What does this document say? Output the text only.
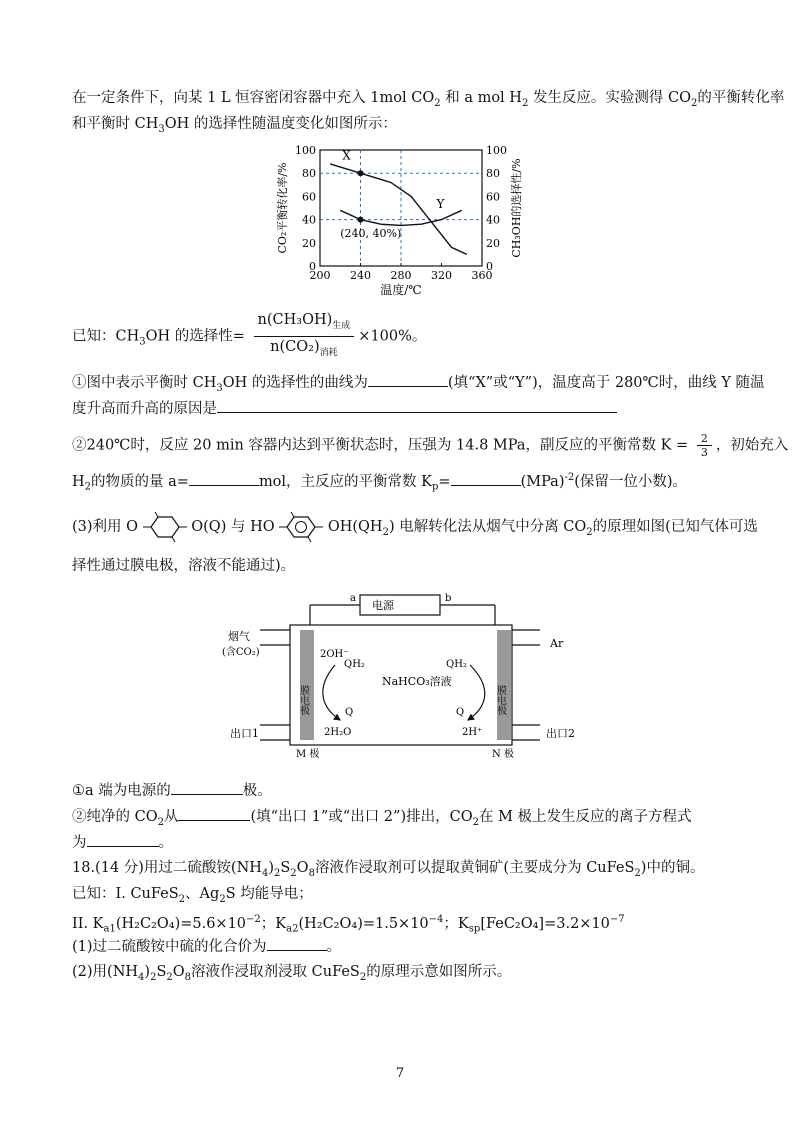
在一定条件下，向某 1 L 恒容密闭容器中充入 1mol $CO_2$ 和 a mol $H_2$ 发生反应。实验测得 $CO_2$的平衡转化率
和平衡时 $CH_3OH$ 的选择性随温度变化如图所示：
200 240 280 320 360
0	0
20	20
40	40
60	60
80	80
100	100
温度/℃
CO₂平衡转化率/%	CH₃OH的选择性/%
X
Y
(240, 40%)
已知：$CH_3OH$ 的选择性= $\frac{n(CH_3OH)_{生成}}{n(CO_2)_{消耗}} \times 100\%$。
①图中表示平衡时 $CH_3OH$ 的选择性的曲线为	(填“X”或“Y”)，温度高于 280℃时，曲线 Y 随温
度升高而升高的原因是
②240℃时，反应 20 min 容器内达到平衡状态时，压强为 14.8 MPa，副反应的平衡常数 $K = \frac{2}{3}$ ，初始充入
$H_2$的物质的量 a=	mol，主反应的平衡常数 $K_p=$	(MPa)$^{-2}$(保留一位小数)。
(3)利用 O	O(Q) 与 HO	$OH(QH_2)$ 电解转化法从烟气中分离 $CO_2$的原理如图(已知气体可选
择性通过膜电极，溶液不能通过)。
电源
a	b
烟气
(含CO₂)
Ar
NaHCO₃溶液
2OH⁻
QH₂
Q
2H₂O
QH₂
Q
2H⁺
出口1	出口2
M 极	N 极
膜电极	膜电极
①a 端为电源的	极。
②纯净的 $CO_2$从	(填“出口 1”或“出口 2”)排出，$CO_2$在 M 极上发生反应的离子方程式
为	。
18.(14 分)用过二硫酸铵$(NH_4)_2S_2O_8$溶液作浸取剂可以提取黄铜矿(主要成分为 CuFeS$_2$)中的铜。
已知：I. CuFeS$_2$、$Ag_2S$ 均能导电；
II. $K_{a1}(H_2C_2O_4)=5.6\times 10^{-2}$；$K_{a2}(H_2C_2O_4)=1.5\times 10^{-4}$；$K_{sp}[FeC_2O_4]=3.2\times 10^{-7}$
(1)过二硫酸铵中硫的化合价为	。
(2)用$(NH_4)_2S_2O_8$溶液作浸取剂浸取 CuFeS$_2$的原理示意如图所示。
7
